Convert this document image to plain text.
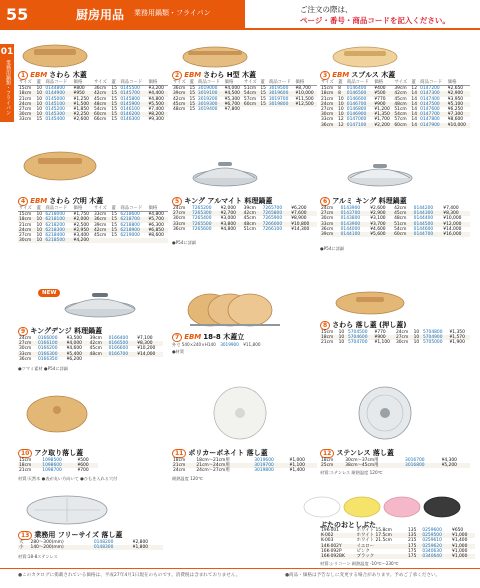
55	厨房用品 業務用鍋類・フライパン	ご注文の際は、
ページ・番号・商品コードを記入ください。
01
業務用鍋類・フライパン	1 EBM さわら 木蓋
サイズ	蓋	商品コード	価格	サイズ	蓋	商品コード	価格
15cm	10	0144800	¥800	36cm	15	0145500	¥3,200
18cm	10	0144900	¥950	42cm	15	0145700	¥4,400
21cm	10	0145000	¥1,250	45cm	15	0145800	¥4,800
24cm	10	0145100	¥1,500	48cm	15	0145900	¥5,500
27cm	10	0145200	¥1,850	54cm	15	0146100	¥7,400
30cm	10	0145300	¥2,250	60cm	15	0146200	¥8,200
33cm	15	0145400	¥2,600	66cm	15	0146300	¥9,300
2 EBM さわら H型 木蓋
サイズ	蓋	商品コード	価格	サイズ	蓋	商品コード	価格
36cm	15	3019000	¥4,000	51cm	15	3019500	¥8,700
39cm	15	3019100	¥4,500	54cm	15	3019600	¥10,000
42cm	15	3019200	¥5,300	57cm	15	3019700	¥11,500
45cm	15	3019300	¥6,700	60cm	15	3019800	¥12,500
48cm	15	3019400	¥7,800				
3 EBM スプルス 木蓋
サイズ	蓋	商品コード	価格	サイズ	蓋	商品コード	価格
15cm	8	0146400	¥400	39cm	12	0147200	¥2,650
18cm	8	0146500	¥500	42cm	14	0147300	¥2,900
21cm	10	0146600	¥770	45cm	14	0147400	¥3,950
24cm	10	0146700	¥900	48cm	14	0147500	¥5,100
27cm	10	0146800	¥1,200	51cm	14	0147600	¥6,250
30cm	10	0146900	¥1,350	54cm	14	0147700	¥7,300
33cm	12	0147000	¥1,700	57cm	14	0147800	¥8,600
36cm	12	0147100	¥2,200	60cm	14	0147900	¥10,000
4 EBM さわら 穴明 木蓋
サイズ	蓋	商品コード	価格	サイズ	蓋	商品コード	価格
15cm	10	6218000	¥1,750	33cm	15	6218600	¥4,800
18cm	10	6218100	¥2,000	36cm	15	6218700	¥5,700
21cm	10	6218200	¥2,500	39cm	15	6218800	¥6,300
24cm	10	6218300	¥2,950	42cm	15	6218900	¥6,850
27cm	10	6218400	¥3,400	45cm	15	6219000	¥8,600
30cm	10	6218500	¥4,200				
5 キング アルマイト 料理鍋蓋
24cm	7265200	¥2,000	39cm	7265700	¥6,200
27cm	7265300	¥2,700	42cm	7265800	¥7,600
30cm	7265400	¥3,000	45cm	7265900	¥8,900
33cm	7265500	¥3,800	48cm	7266000	¥10,800
36cm	7265600	¥4,800	51cm	7266100	¥14,300
●P54に詳細
6 アルミ キング 料理鍋蓋
24cm	0143900	¥2,600	42cm	0144200	¥7,400
27cm	0143700	¥2,900	45cm	0144300	¥8,300
30cm	0143800	¥3,100	48cm	0144400	¥10,000
33cm	0143900	¥3,700	51cm	0144500	¥12,000
36cm	0144000	¥4,600	54cm	0144600	¥14,000
39cm	0144100	¥5,600	60cm	0144700	¥16,000
●P54に詳細
NEW
9 キングデンジ 料理鍋蓋
24cm	0166000	¥3,500	39cm	0166400	¥7,100
27cm	0166100	¥4,000	42cm	0166500	¥8,300
30cm	0166200	¥4,600	45cm	0166600	¥10,200
33cm	0166300	¥5,400	48cm	0166700	¥14,000
36cm	0166350	¥6,200			
●ツマミ素材 ●P54に詳細
7 EBM 18-8 木蓋立
外寸 540×240×H140 3019900 ¥11,800
●材質
8 さわら 落し蓋 (押し蓋)
15cm	10	5704500	¥770	24cm	10	5704800	¥1,350
18cm	10	5704600	¥900	27cm	10	5704900	¥1,570
21cm	10	5704700	¥1,100	30cm	10	5705000	¥1,900
10 アク取り落し蓋
15cm	1098500	¥500
18cm	1098600	¥600
21cm	1098700	¥700
材質:天然木 ●表が丸い方向いて ●ひもを入れる穴付
11 ポリカーボネイト 落し蓋
18cm	18cm〜21cm用	3019600	¥1,000
21cm	21cm〜24cm用	3019700	¥1,100
24cm	24cm〜27cm用	3019800	¥1,400
耐熱温度 120℃
12 ステンレス 落し蓋
18cm	30cm〜37cm用	3016700	¥4,300
25cm	38cm〜45cm用	3016800	¥5,200
材質:ステンレス 耐熱温度 120℃
13 業務用 フリーサイズ 落し蓋
大	280〜300(mm)	0148200	¥2,800
小	140〜200(mm)	0148300	¥1,800
材質:18-8ステンレス
ぶたのおとしぶた
19K-001	ホワイト 15.8cm	135	0259600	¥650
K-002	ホワイト 17.5cm	135	0259500	¥1,000
K-003	ホワイト 21.5cm	215	0259610	¥1,400
14K-002Y	イエロー	175	0259620	¥1,000
16K-092P	ピンク	175	0340630	¥1,000
16K-092BK	ブラック	175	0340640	¥1,000
材質:シリコーン 耐熱温度 -10℃〜230℃
●このカタログに掲載されている価格は、平成27年4月1日現在のものです。消費税は含まれておりません。	●商品・価格は予告なしに変更する場合があります。予めご了承ください。
